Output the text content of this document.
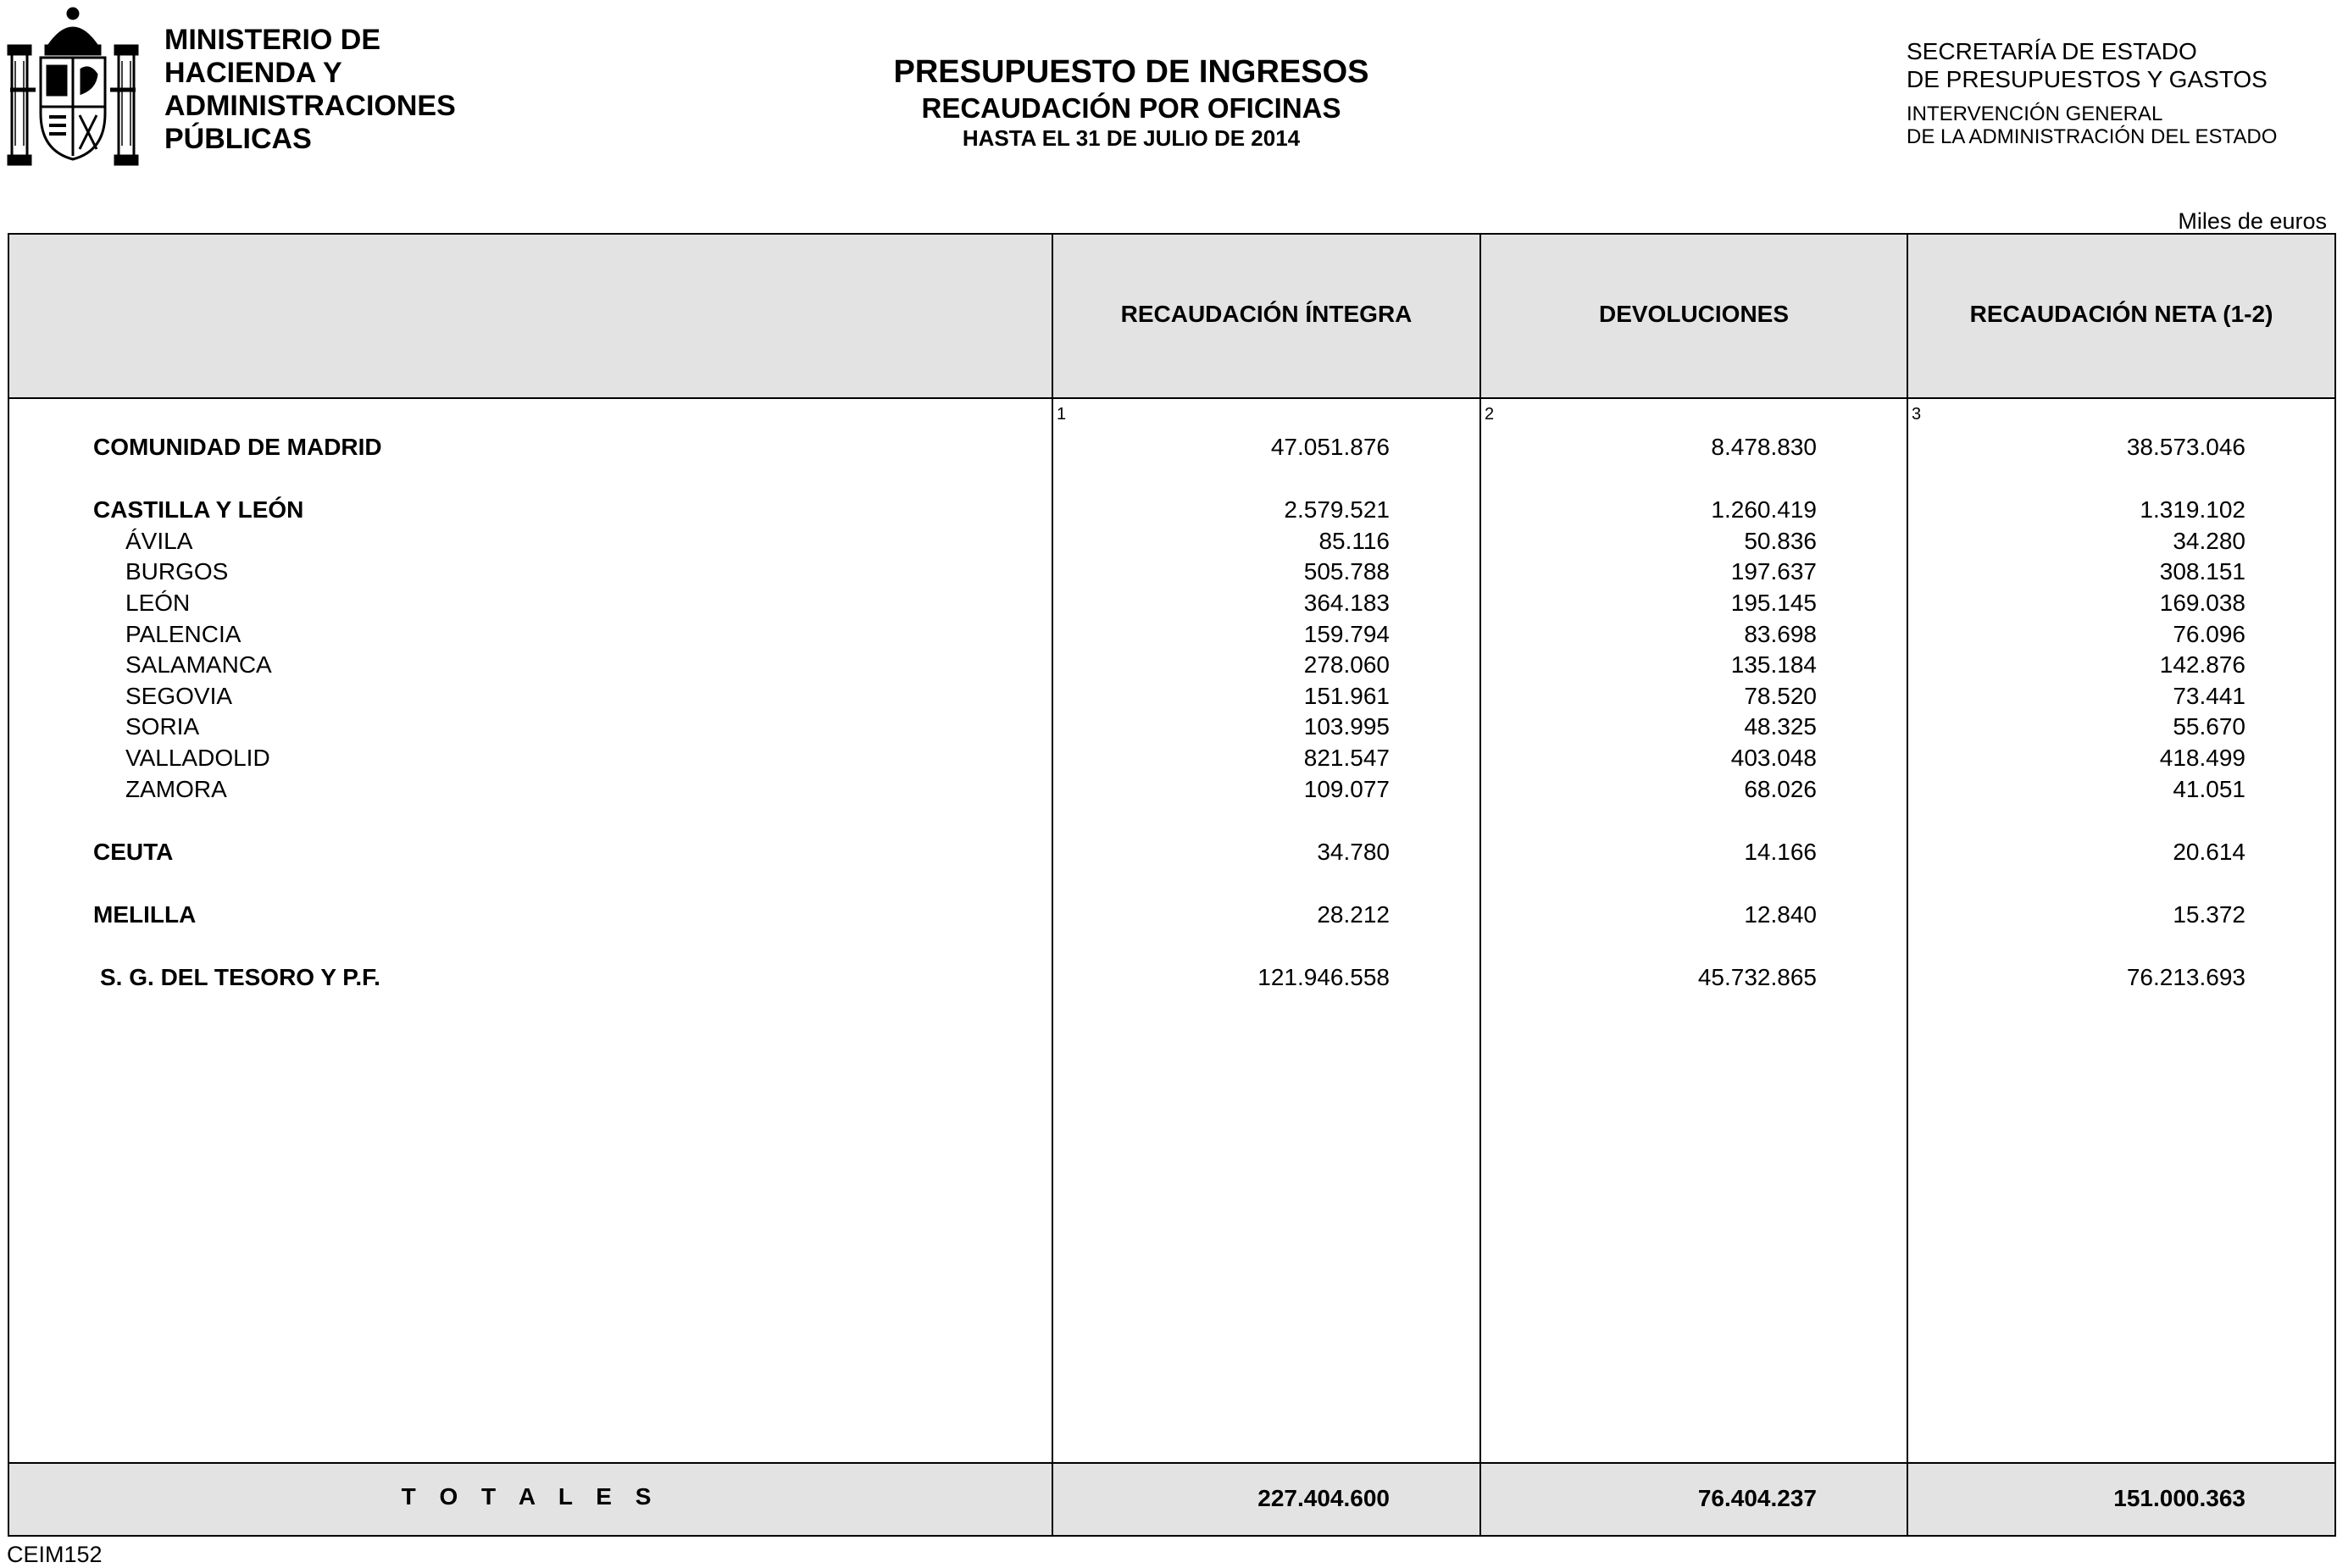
MINISTERIO DE
HACIENDA Y
ADMINISTRACIONES
PÚBLICAS
PRESUPUESTO DE INGRESOS
RECAUDACIÓN POR OFICINAS
HASTA EL 31 DE JULIO DE 2014
SECRETARÍA DE ESTADO
DE PRESUPUESTOS Y GASTOS
INTERVENCIÓN GENERAL
DE LA ADMINISTRACIÓN DEL ESTADO
Miles de euros
RECAUDACIÓN ÍNTEGRA	DEVOLUCIONES	RECAUDACIÓN NETA (1-2)
1	2	3
COMUNIDAD DE MADRID	47.051.876	8.478.830	38.573.046
CASTILLA Y LEÓN	2.579.521	1.260.419	1.319.102
ÁVILA	85.116	50.836	34.280
BURGOS	505.788	197.637	308.151
LEÓN	364.183	195.145	169.038
PALENCIA	159.794	83.698	76.096
SALAMANCA	278.060	135.184	142.876
SEGOVIA	151.961	78.520	73.441
SORIA	103.995	48.325	55.670
VALLADOLID	821.547	403.048	418.499
ZAMORA	109.077	68.026	41.051
CEUTA	34.780	14.166	20.614
MELILLA	28.212	12.840	15.372
S. G. DEL TESORO Y P.F.	121.946.558	45.732.865	76.213.693
T O T A L E S	227.404.600	76.404.237	151.000.363
CEIM152
